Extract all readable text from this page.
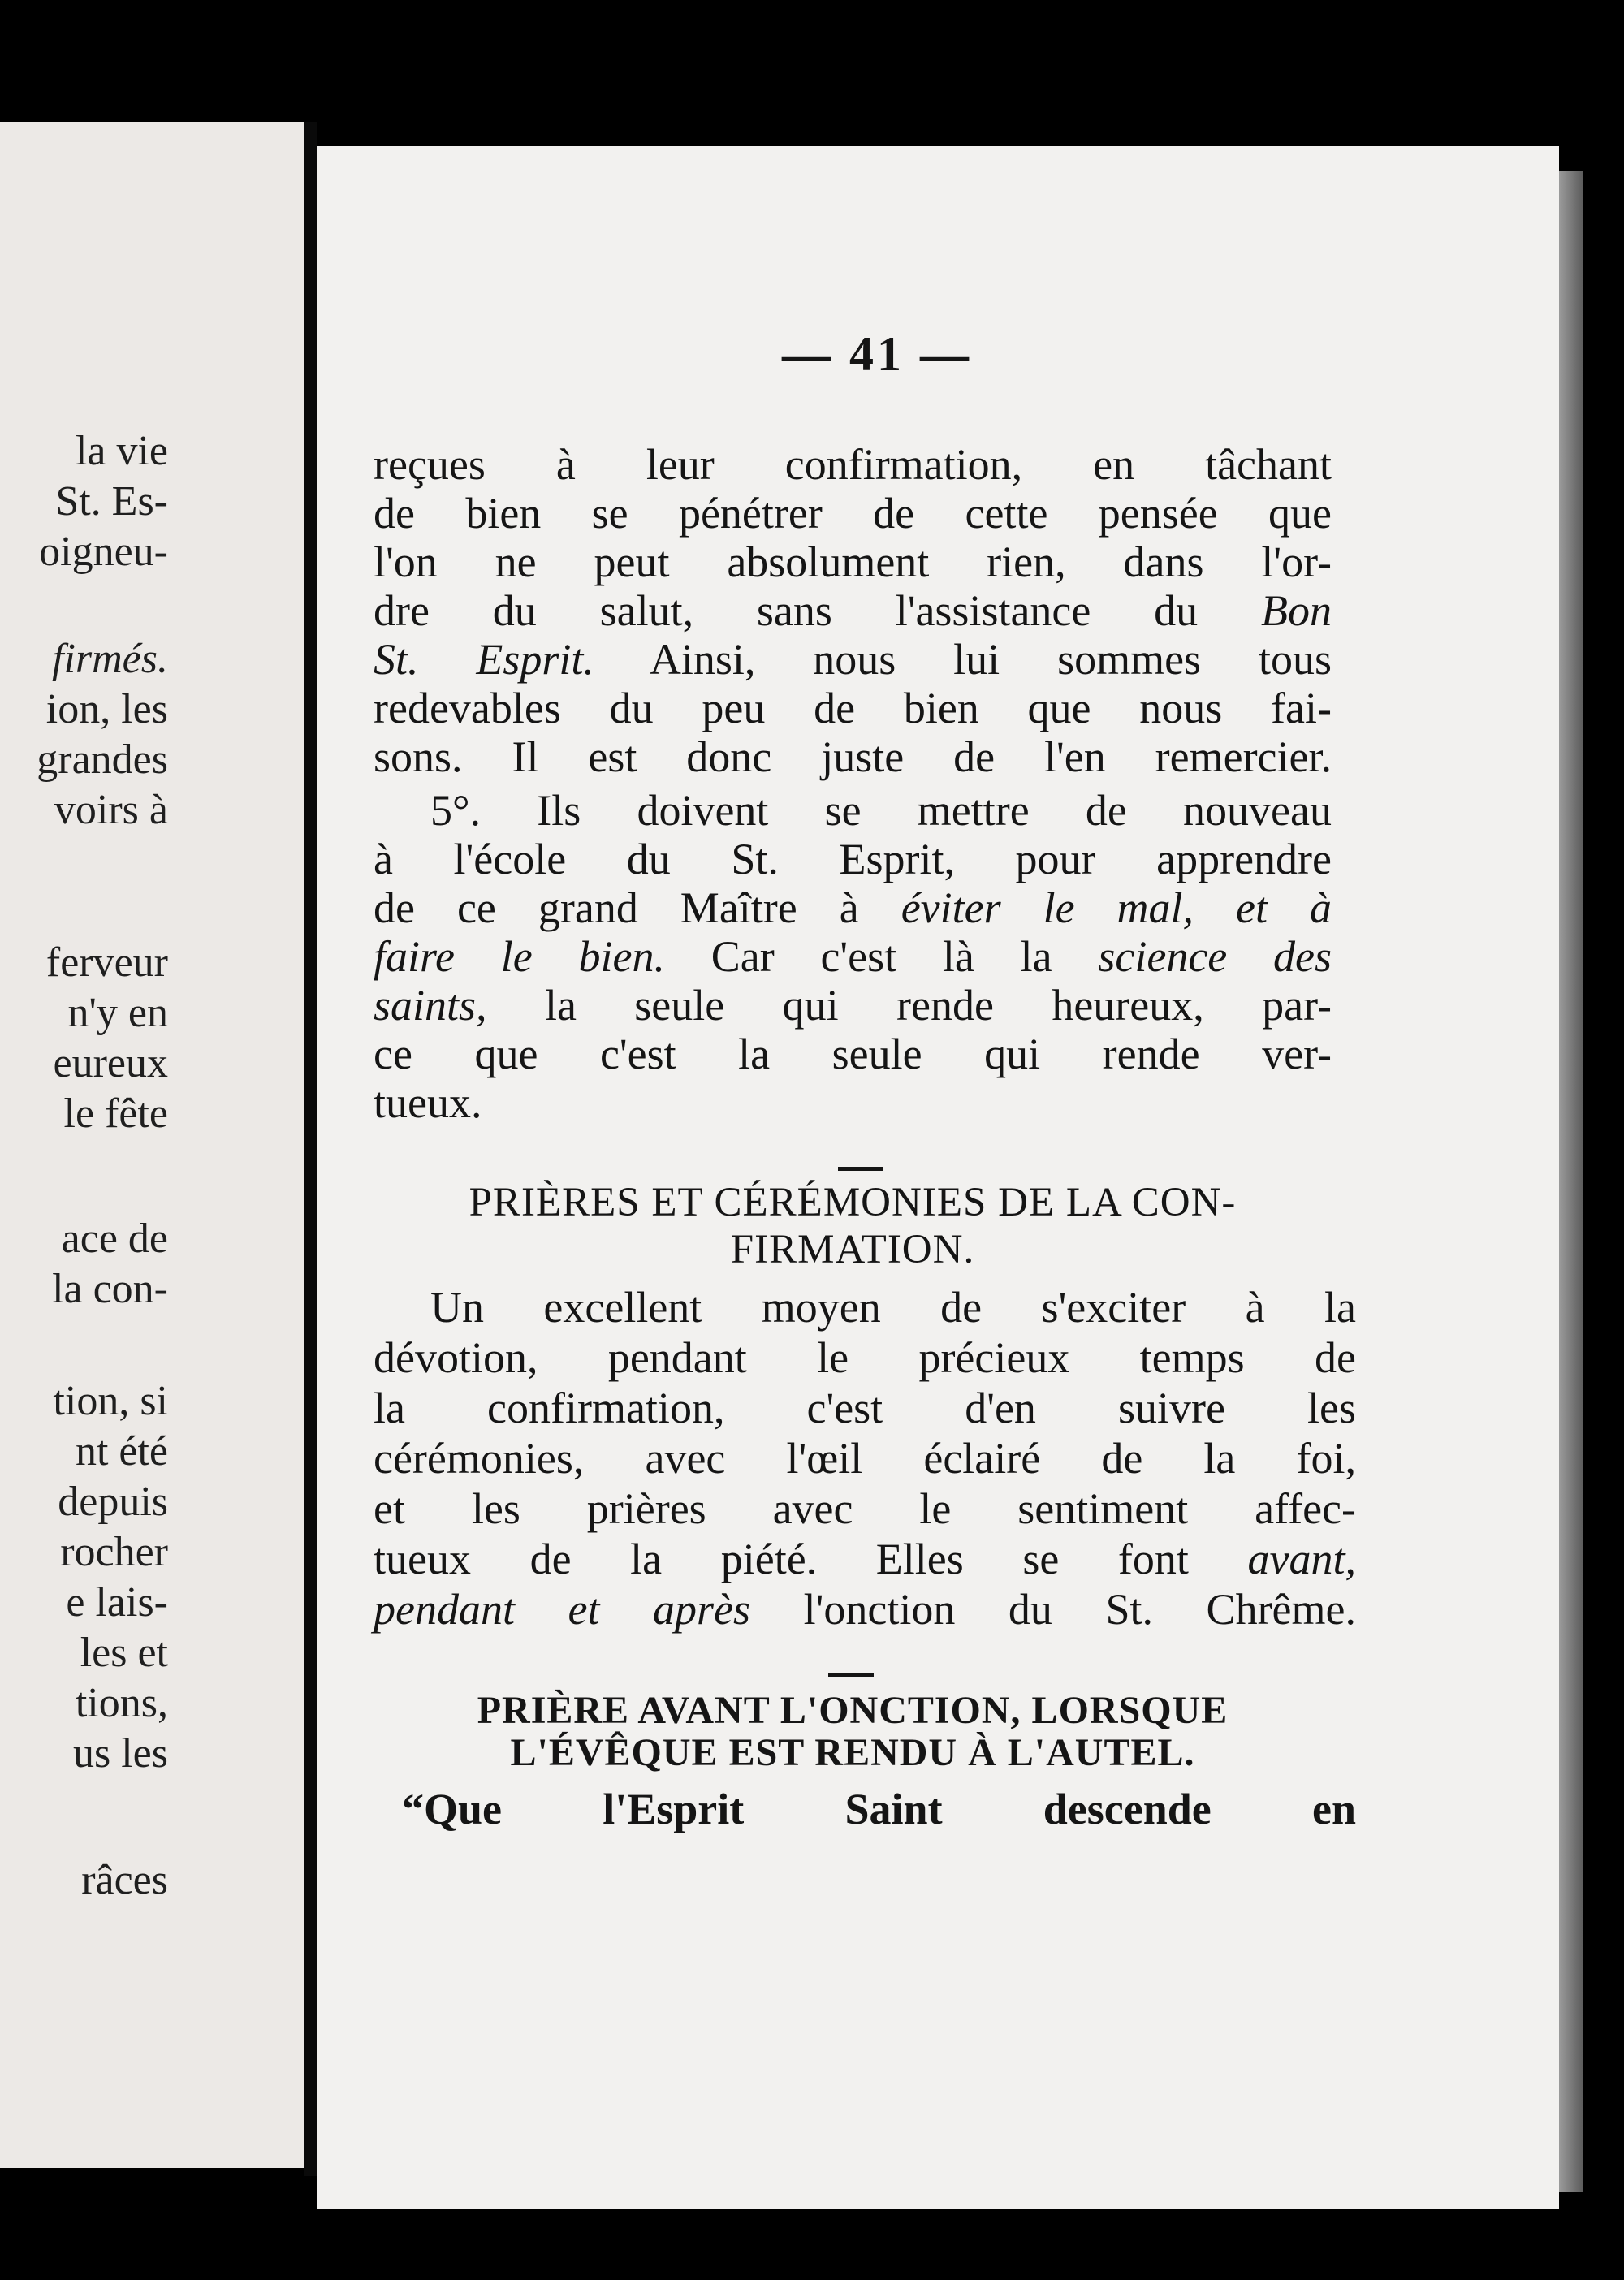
la vie
St. Es-
oigneu-
firmés.
ion, les
grandes
voirs à
ferveur
n'y en
eureux
le fête
ace de
la con-
tion, si
nt été
depuis
rocher
e lais-
les et
tions,
us les
râces
— 41 —
reçues à leur confirmation, en tâchant
de bien se pénétrer de cette pensée que
l'on ne peut absolument rien, dans l'or-
dre du salut, sans l'assistance du Bon
St. Esprit. Ainsi, nous lui sommes tous
redevables du peu de bien que nous fai-
sons. Il est donc juste de l'en remercier.
5°. Ils doivent se mettre de nouveau
à l'école du St. Esprit, pour apprendre
de ce grand Maître à éviter le mal, et à
faire le bien. Car c'est là la science des
saints, la seule qui rende heureux, par-
ce que c'est la seule qui rende ver-
tueux.
PRIÈRES ET CÉRÉMONIES DE LA CON-
FIRMATION.
Un excellent moyen de s'exciter à la
dévotion, pendant le précieux temps de
la confirmation, c'est d'en suivre les
cérémonies, avec l'œil éclairé de la foi,
et les prières avec le sentiment affec-
tueux de la piété. Elles se font avant,
pendant et après l'onction du St. Chrême.
PRIÈRE AVANT L'ONCTION, LORSQUE
L'ÉVÊQUE EST RENDU À L'AUTEL.
“Que l'Esprit Saint descende en
